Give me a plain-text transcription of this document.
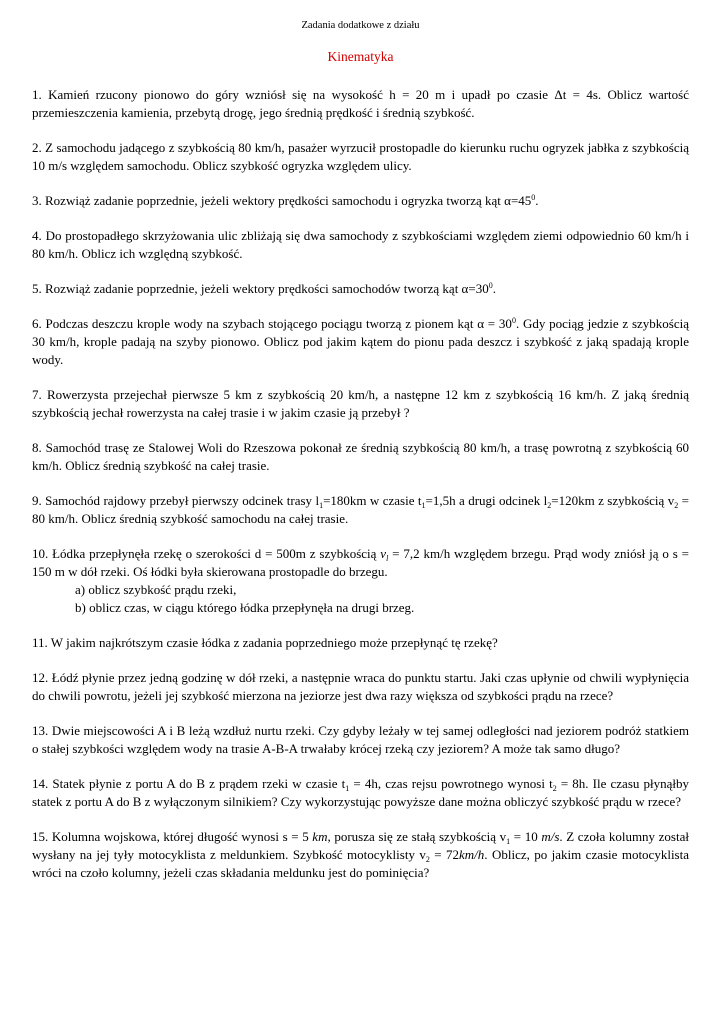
Zadania dodatkowe z działu
Kinematyka
1. Kamień rzucony pionowo do góry wzniósł się na wysokość h = 20 m i upadł po czasie Δt = 4s. Oblicz wartość przemieszczenia kamienia, przebytą drogę, jego średnią prędkość i średnią szybkość.
2. Z samochodu jadącego z szybkością 80 km/h, pasażer wyrzucił prostopadle do kierunku ruchu ogryzek jabłka z szybkością 10 m/s względem samochodu. Oblicz szybkość ogryzka względem ulicy.
3. Rozwiąż zadanie poprzednie, jeżeli wektory prędkości samochodu i ogryzka tworzą kąt $\alpha=45^0$.
4. Do prostopadłego skrzyżowania ulic zbliżają się dwa samochody z szybkościami względem ziemi odpowiednio 60 km/h i 80 km/h. Oblicz ich względną szybkość.
5. Rozwiąż zadanie poprzednie, jeżeli wektory prędkości samochodów tworzą kąt $\alpha=30^0$.
6. Podczas deszczu krople wody na szybach stojącego pociągu tworzą z pionem kąt $\alpha = 30^0$. Gdy pociąg jedzie z szybkością 30 km/h, krople padają na szyby pionowo. Oblicz pod jakim kątem do pionu pada deszcz i szybkość z jaką spadają krople wody.
7. Rowerzysta przejechał pierwsze 5 km z szybkością 20 km/h, a następne 12 km z szybkością 16 km/h. Z jaką średnią szybkością jechał rowerzysta na całej trasie i w jakim czasie ją przebył ?
8. Samochód trasę ze Stalowej Woli do Rzeszowa pokonał ze średnią szybkością 80 km/h, a trasę powrotną z szybkością 60 km/h. Oblicz średnią szybkość na całej trasie.
9. Samochód rajdowy przebył pierwszy odcinek trasy $l_1=180km$ w czasie $t_1=1,5h$ a drugi odcinek $l_2=120km$ z szybkością $v_2 = 80$ km/h. Oblicz średnią szybkość samochodu na całej trasie.
10. Łódka przepłynęła rzekę o szerokości d = 500m z szybkością $v_l = 7,2$ km/h względem brzegu. Prąd wody zniósł ją o s = 150 m w dół rzeki. Oś łódki była skierowana prostopadle do brzegu.
a) oblicz szybkość prądu rzeki,
b) oblicz czas, w ciągu którego łódka przepłynęła na drugi brzeg.
11. W jakim najkrótszym czasie łódka z zadania poprzedniego może przepłynąć tę rzekę?
12. Łódź płynie przez jedną godzinę w dół rzeki, a następnie wraca do punktu startu. Jaki czas upłynie od chwili wypłynięcia do chwili powrotu, jeżeli jej szybkość mierzona na jeziorze jest dwa razy większa od szybkości prądu na rzece?
13. Dwie miejscowości A i B leżą wzdłuż nurtu rzeki. Czy gdyby leżały w tej samej odległości nad jeziorem podróż statkiem o stałej szybkości względem wody na trasie A-B-A trwałaby krócej rzeką czy jeziorem? A może tak samo długo?
14. Statek płynie z portu A do B z prądem rzeki w czasie $t_1 = 4h$, czas rejsu powrotnego wynosi $t_2 = 8h$. Ile czasu płynąłby statek z portu A do B z wyłączonym silnikiem? Czy wykorzystując powyższe dane można obliczyć szybkość prądu w rzece?
15. Kolumna wojskowa, której długość wynosi s = 5 km, porusza się ze stałą szybkością $v_1 = 10$ m/s. Z czoła kolumny został wysłany na jej tyły motocyklista z meldunkiem. Szybkość motocyklisty $v_2 = 72km/h$. Oblicz, po jakim czasie motocyklista wróci na czoło kolumny, jeżeli czas składania meldunku jest do pominięcia?
